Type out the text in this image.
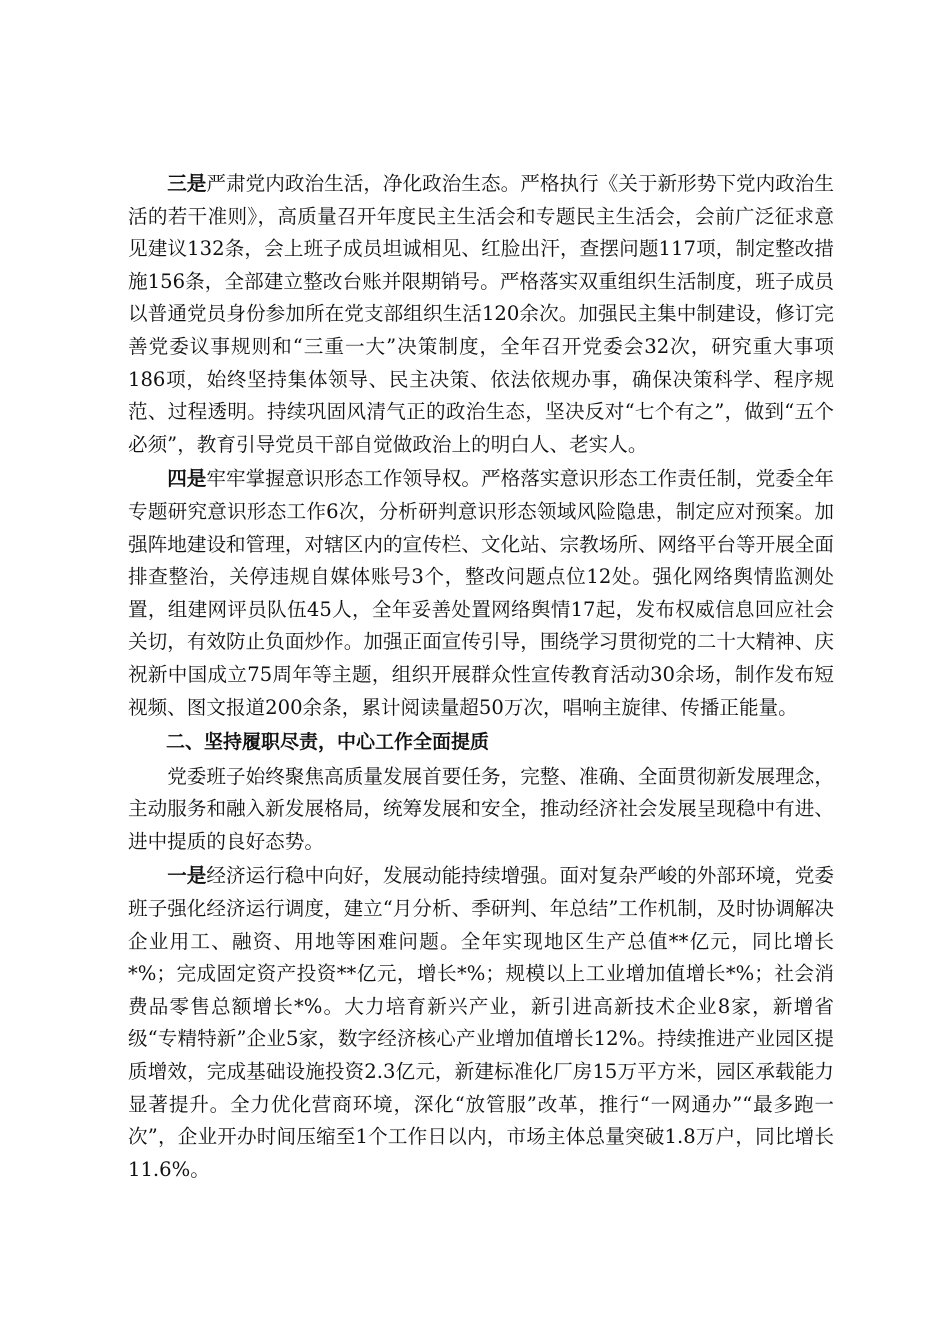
三是严肃党内政治生活，净化政治生态。严格执行《关于新形势下党内政治生活的若干准则》，高质量召开年度民主生活会和专题民主生活会，会前广泛征求意见建议132条，会上班子成员坦诚相见、红脸出汗，查摆问题117项，制定整改措施156条，全部建立整改台账并限期销号。严格落实双重组织生活制度，班子成员以普通党员身份参加所在党支部组织生活120余次。加强民主集中制建设，修订完善党委议事规则和“三重一大”决策制度，全年召开党委会32次，研究重大事项186项，始终坚持集体领导、民主决策、依法依规办事，确保决策科学、程序规范、过程透明。持续巩固风清气正的政治生态，坚决反对“七个有之”，做到“五个必须”，教育引导党员干部自觉做政治上的明白人、老实人。

四是牢牢掌握意识形态工作领导权。严格落实意识形态工作责任制，党委全年专题研究意识形态工作6次，分析研判意识形态领域风险隐患，制定应对预案。加强阵地建设和管理，对辖区内的宣传栏、文化站、宗教场所、网络平台等开展全面排查整治，关停违规自媒体账号3个，整改问题点位12处。强化网络舆情监测处置，组建网评员队伍45人，全年妥善处置网络舆情17起，发布权威信息回应社会关切，有效防止负面炒作。加强正面宣传引导，围绕学习贯彻党的二十大精神、庆祝新中国成立75周年等主题，组织开展群众性宣传教育活动30余场，制作发布短视频、图文报道200余条，累计阅读量超50万次，唱响主旋律、传播正能量。

二、坚持履职尽责，中心工作全面提质

党委班子始终聚焦高质量发展首要任务，完整、准确、全面贯彻新发展理念，主动服务和融入新发展格局，统筹发展和安全，推动经济社会发展呈现稳中有进、进中提质的良好态势。

一是经济运行稳中向好，发展动能持续增强。面对复杂严峻的外部环境，党委班子强化经济运行调度，建立“月分析、季研判、年总结”工作机制，及时协调解决企业用工、融资、用地等困难问题。全年实现地区生产总值**亿元，同比增长*%；完成固定资产投资**亿元，增长*%；规模以上工业增加值增长*%；社会消费品零售总额增长*%。大力培育新兴产业，新引进高新技术企业8家，新增省级“专精特新”企业5家，数字经济核心产业增加值增长12%。持续推进产业园区提质增效，完成基础设施投资2.3亿元，新建标准化厂房15万平方米，园区承载能力显著提升。全力优化营商环境，深化“放管服”改革，推行“一网通办”“最多跑一次”，企业开办时间压缩至1个工作日以内，市场主体总量突破1.8万户，同比增长11.6%。
